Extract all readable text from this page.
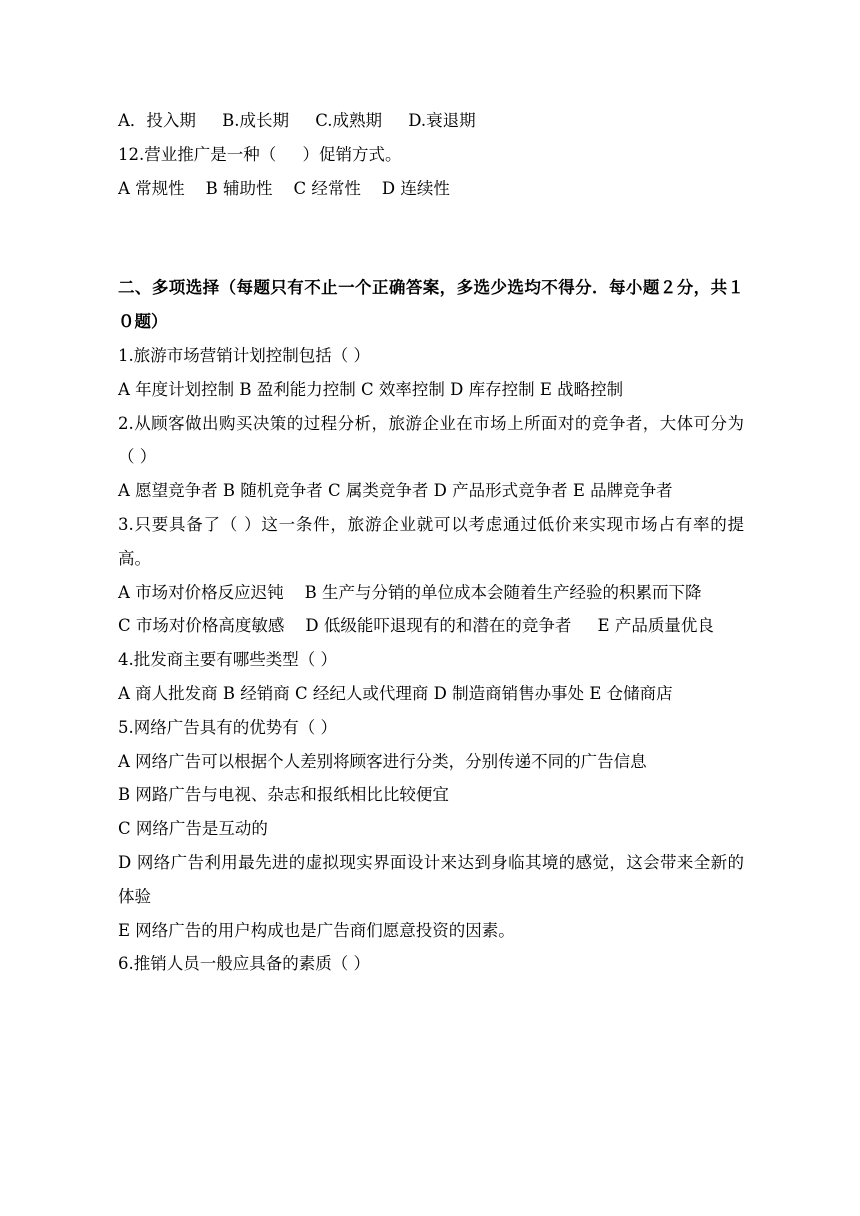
A．投入期     B.成长期     C.成熟期     D.衰退期
12.营业推广是一种（     ）促销方式。
A 常规性    B 辅助性    C 经常性    D 连续性
二、多项选择（每题只有不止一个正确答案，多选少选均不得分．每小题２分，共１０题）
1.旅游市场营销计划控制包括（ ）
A 年度计划控制 B 盈利能力控制 C 效率控制 D 库存控制 E 战略控制
2.从顾客做出购买决策的过程分析，旅游企业在市场上所面对的竞争者，大体可分为（ ）
A 愿望竞争者 B 随机竞争者 C 属类竞争者 D 产品形式竞争者 E 品牌竞争者
3.只要具备了（ ）这一条件，旅游企业就可以考虑通过低价来实现市场占有率的提高。
A 市场对价格反应迟钝    B 生产与分销的单位成本会随着生产经验的积累而下降
C 市场对价格高度敏感    D 低级能吓退现有的和潜在的竞争者     E 产品质量优良
4.批发商主要有哪些类型（ ）
A 商人批发商 B 经销商 C 经纪人或代理商 D 制造商销售办事处 E 仓储商店
5.网络广告具有的优势有（ ）
A 网络广告可以根据个人差别将顾客进行分类，分别传递不同的广告信息
B 网路广告与电视、杂志和报纸相比比较便宜
C 网络广告是互动的
D 网络广告利用最先进的虚拟现实界面设计来达到身临其境的感觉，这会带来全新的体验
E 网络广告的用户构成也是广告商们愿意投资的因素。
6.推销人员一般应具备的素质（ ）
